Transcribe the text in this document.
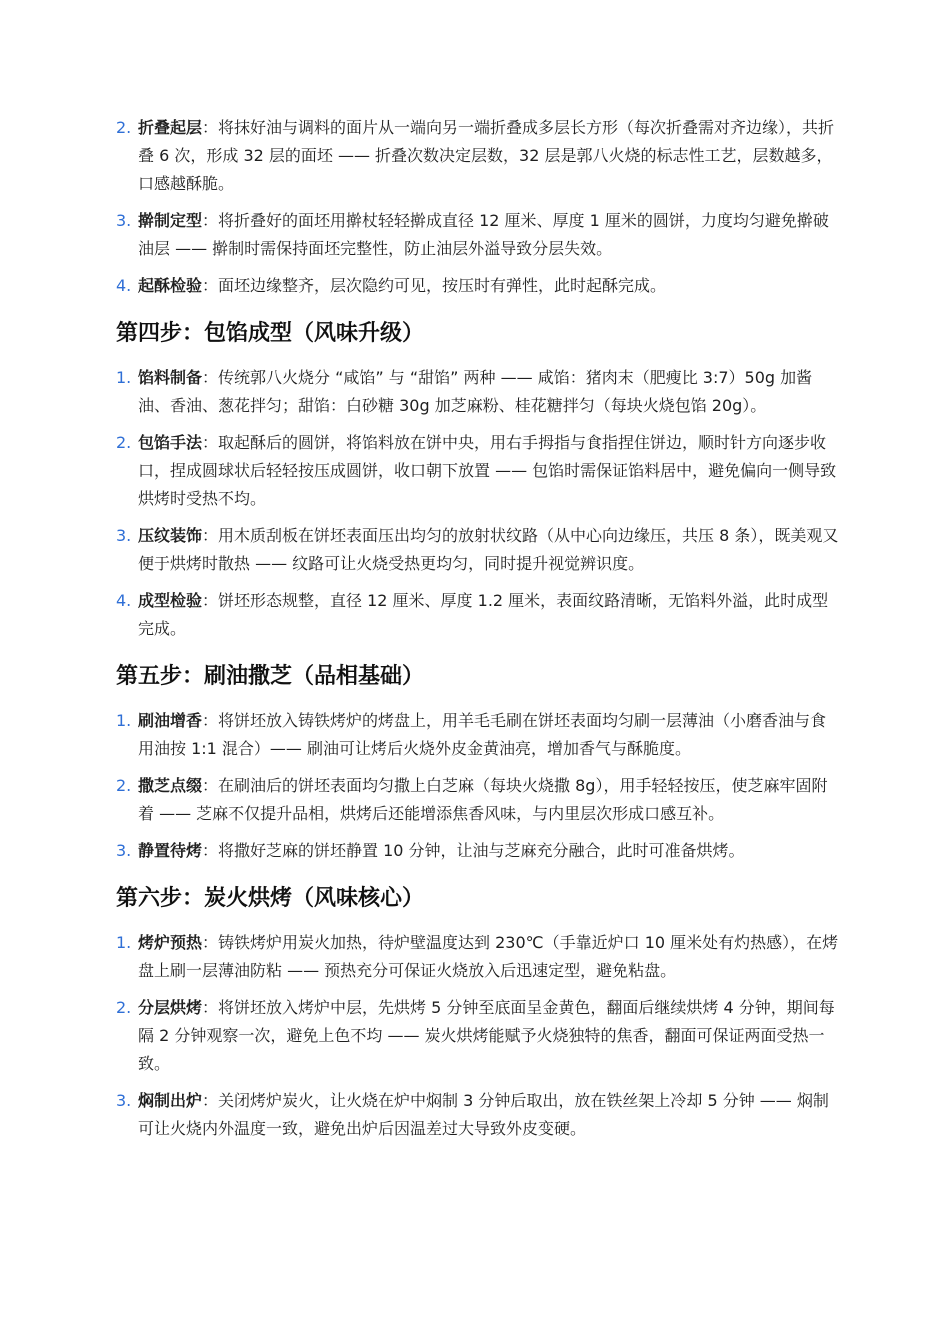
2. 折叠起层：将抹好油与调料的面片从一端向另一端折叠成多层长方形（每次折叠需对齐边缘），共折叠 6 次，形成 32 层的面坯 —— 折叠次数决定层数，32 层是郭八火烧的标志性工艺，层数越多，口感越酥脆。
3. 擀制定型：将折叠好的面坯用擀杖轻轻擀成直径 12 厘米、厚度 1 厘米的圆饼，力度均匀避免擀破油层 —— 擀制时需保持面坯完整性，防止油层外溢导致分层失效。
4. 起酥检验：面坯边缘整齐，层次隐约可见，按压时有弹性，此时起酥完成。
第四步：包馅成型（风味升级）
1. 馅料制备：传统郭八火烧分 “咸馅” 与 “甜馅” 两种 —— 咸馅：猪肉末（肥瘦比 3:7）50g 加酱油、香油、葱花拌匀；甜馅：白砂糖 30g 加芝麻粉、桂花糖拌匀（每块火烧包馅 20g）。
2. 包馅手法：取起酥后的圆饼，将馅料放在饼中央，用右手拇指与食指捏住饼边，顺时针方向逐步收口，捏成圆球状后轻轻按压成圆饼，收口朝下放置 —— 包馅时需保证馅料居中，避免偏向一侧导致烘烤时受热不均。
3. 压纹装饰：用木质刮板在饼坯表面压出均匀的放射状纹路（从中心向边缘压，共压 8 条），既美观又便于烘烤时散热 —— 纹路可让火烧受热更均匀，同时提升视觉辨识度。
4. 成型检验：饼坯形态规整，直径 12 厘米、厚度 1.2 厘米，表面纹路清晰，无馅料外溢，此时成型完成。
第五步：刷油撒芝（品相基础）
1. 刷油增香：将饼坯放入铸铁烤炉的烤盘上，用羊毛毛刷在饼坯表面均匀刷一层薄油（小磨香油与食用油按 1:1 混合）—— 刷油可让烤后火烧外皮金黄油亮，增加香气与酥脆度。
2. 撒芝点缀：在刷油后的饼坯表面均匀撒上白芝麻（每块火烧撒 8g），用手轻轻按压，使芝麻牢固附着 —— 芝麻不仅提升品相，烘烤后还能增添焦香风味，与内里层次形成口感互补。
3. 静置待烤：将撒好芝麻的饼坯静置 10 分钟，让油与芝麻充分融合，此时可准备烘烤。
第六步：炭火烘烤（风味核心）
1. 烤炉预热：铸铁烤炉用炭火加热，待炉壁温度达到 230℃（手靠近炉口 10 厘米处有灼热感），在烤盘上刷一层薄油防粘 —— 预热充分可保证火烧放入后迅速定型，避免粘盘。
2. 分层烘烤：将饼坯放入烤炉中层，先烘烤 5 分钟至底面呈金黄色，翻面后继续烘烤 4 分钟，期间每隔 2 分钟观察一次，避免上色不均 —— 炭火烘烤能赋予火烧独特的焦香，翻面可保证两面受热一致。
3. 焖制出炉：关闭烤炉炭火，让火烧在炉中焖制 3 分钟后取出，放在铁丝架上冷却 5 分钟 —— 焖制可让火烧内外温度一致，避免出炉后因温差过大导致外皮变硬。
